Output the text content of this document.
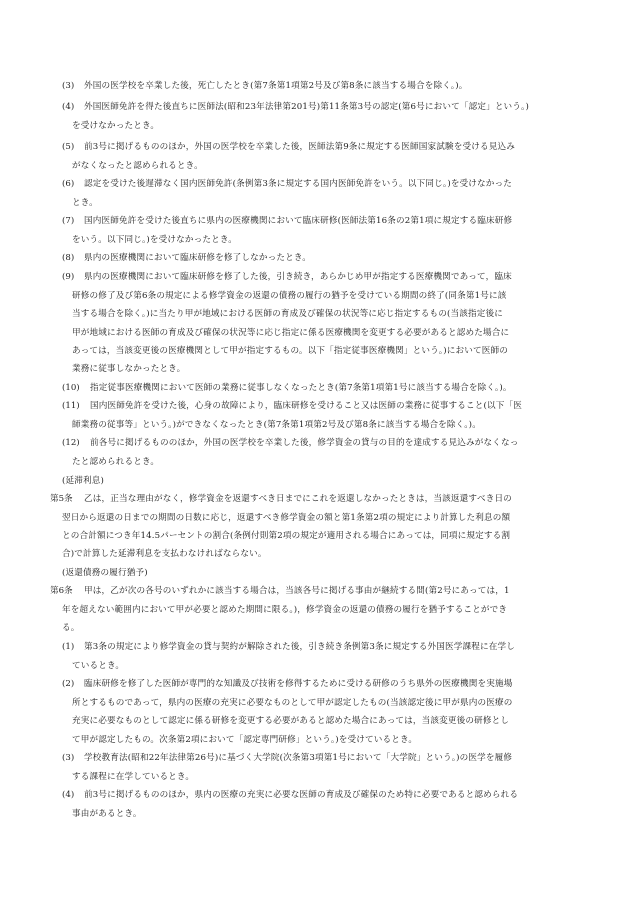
(3) 外国の医学校を卒業した後，死亡したとき(第7条第1項第2号及び第8条に該当する場合を除く。)。
(4) 外国医師免許を得た後直ちに医師法(昭和23年法律第201号)第11条第3号の認定(第6号において「認定」という。)
を受けなかったとき。
(5) 前3号に掲げるもののほか，外国の医学校を卒業した後，医師法第9条に規定する医師国家試験を受ける見込み
がなくなったと認められるとき。
(6) 認定を受けた後遅滞なく国内医師免許(条例第3条に規定する国内医師免許をいう。以下同じ。)を受けなかった
とき。
(7) 国内医師免許を受けた後直ちに県内の医療機関において臨床研修(医師法第16条の2第1項に規定する臨床研修
をいう。以下同じ。)を受けなかったとき。
(8) 県内の医療機関において臨床研修を修了しなかったとき。
(9) 県内の医療機関において臨床研修を修了した後，引き続き，あらかじめ甲が指定する医療機関であって，臨床
研修の修了及び第6条の規定による修学資金の返還の債務の履行の猶予を受けている期間の終了(同条第1号に該
当する場合を除く。)に当たり甲が地域における医師の育成及び確保の状況等に応じ指定するもの(当該指定後に
甲が地域における医師の育成及び確保の状況等に応じ指定に係る医療機関を変更する必要があると認めた場合に
あっては，当該変更後の医療機関として甲が指定するもの。以下「指定従事医療機関」という。)において医師の
業務に従事しなかったとき。
(10) 指定従事医療機関において医師の業務に従事しなくなったとき(第7条第1項第1号に該当する場合を除く。)。
(11) 国内医師免許を受けた後，心身の故障により，臨床研修を受けること又は医師の業務に従事すること(以下「医
師業務の従事等」という。)ができなくなったとき(第7条第1項第2号及び第8条に該当する場合を除く。)。
(12) 前各号に掲げるもののほか，外国の医学校を卒業した後，修学資金の貸与の目的を達成する見込みがなくなっ
たと認められるとき。
(延滞利息)
第5条 乙は，正当な理由がなく，修学資金を返還すべき日までにこれを返還しなかったときは，当該返還すべき日の
翌日から返還の日までの期間の日数に応じ，返還すべき修学資金の額と第1条第2項の規定により計算した利息の額
との合計額につき年14.5パーセントの割合(条例付則第2項の規定が適用される場合にあっては，同項に規定する割
合)で計算した延滞利息を支払わなければならない。
(返還債務の履行猶予)
第6条 甲は，乙が次の各号のいずれかに該当する場合は，当該各号に掲げる事由が継続する間(第2号にあっては，1
年を超えない範囲内において甲が必要と認めた期間に限る。)，修学資金の返還の債務の履行を猶予することができ
る。
(1) 第3条の規定により修学資金の貸与契約が解除された後，引き続き条例第3条に規定する外国医学課程に在学し
ているとき。
(2) 臨床研修を修了した医師が専門的な知識及び技術を修得するために受ける研修のうち県外の医療機関を実施場
所とするものであって，県内の医療の充実に必要なものとして甲が認定したもの(当該認定後に甲が県内の医療の
充実に必要なものとして認定に係る研修を変更する必要があると認めた場合にあっては，当該変更後の研修とし
て甲が認定したもの。次条第2項において「認定専門研修」という。)を受けているとき。
(3) 学校教育法(昭和22年法律第26号)に基づく大学院(次条第3項第1号において「大学院」という。)の医学を履修
する課程に在学しているとき。
(4) 前3号に掲げるもののほか，県内の医療の充実に必要な医師の育成及び確保のため特に必要であると認められる
事由があるとき。
